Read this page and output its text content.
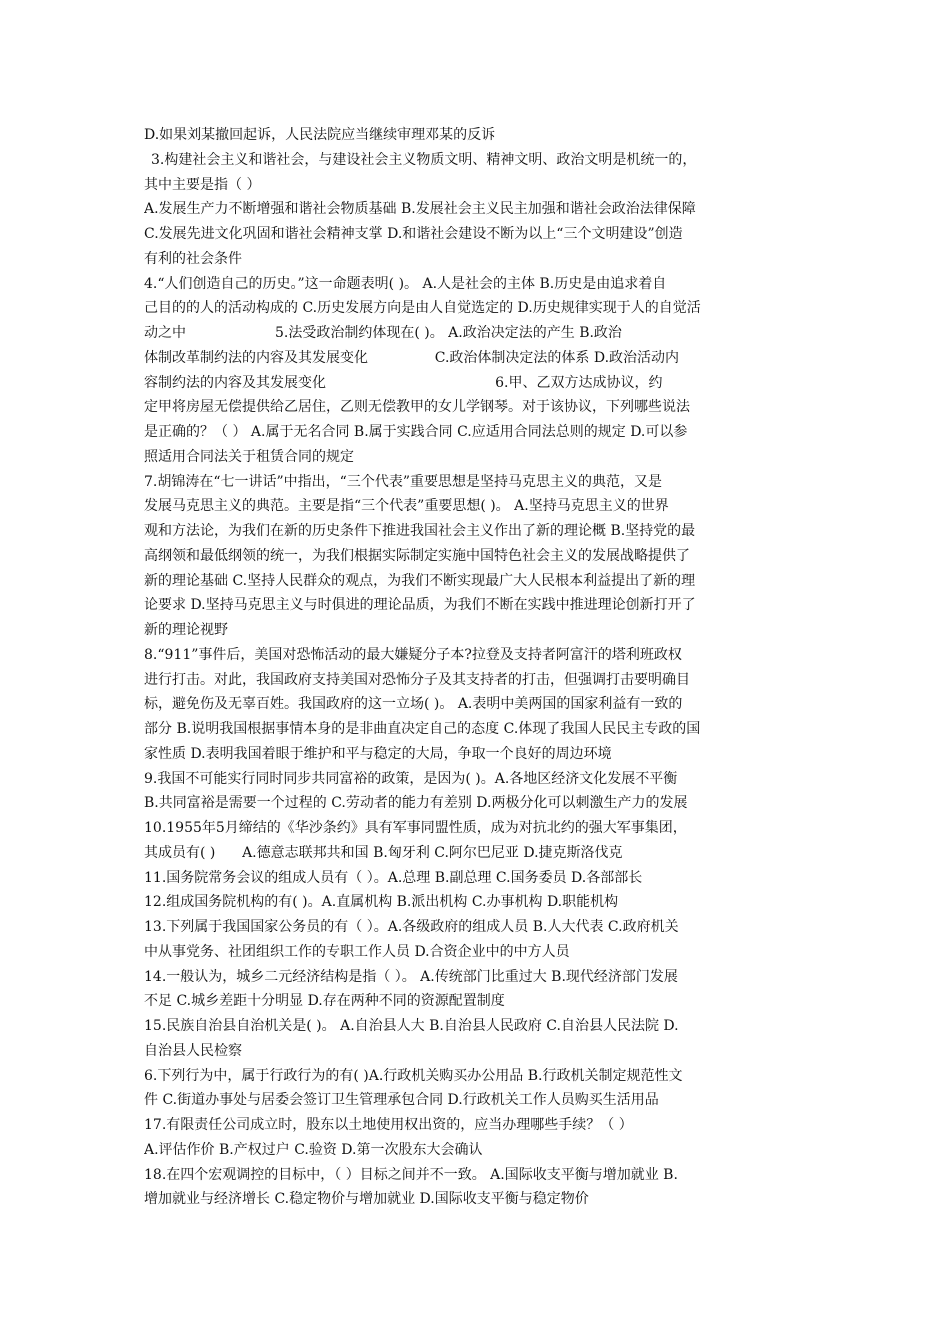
D.如果刘某撤回起诉，人民法院应当继续审理邓某的反诉
3.构建社会主义和谐社会，与建设社会主义物质文明、精神文明、政治文明是机统一的，
其中主要是指（ ）
A.发展生产力不断增强和谐社会物质基础 B.发展社会主义民主加强和谐社会政治法律保障
C.发展先进文化巩固和谐社会精神支掌 D.和谐社会建设不断为以上“三个文明建设”创造
有利的社会条件
4.“人们创造自己的历史。”这一命题表明( )。 A.人是社会的主体 B.历史是由追求着自
己目的的人的活动构成的 C.历史发展方向是由人自觉选定的 D.历史规律实现于人的自觉活
动之中                    5.法受政治制约体现在( )。 A.政治决定法的产生 B.政治
体制改革制约法的内容及其发展变化               C.政治体制决定法的体系 D.政治活动内
容制约法的内容及其发展变化                                      6.甲、乙双方达成协议，约
定甲将房屋无偿提供给乙居住，乙则无偿教甲的女儿学钢琴。对于该协议，下列哪些说法
是正确的？（ ） A.属于无名合同 B.属于实践合同 C.应适用合同法总则的规定 D.可以参
照适用合同法关于租赁合同的规定
7.胡锦涛在“七一讲话”中指出，“三个代表”重要思想是坚持马克思主义的典范，又是
发展马克思主义的典范。主要是指“三个代表”重要思想( )。 A.坚持马克思主义的世界
观和方法论，为我们在新的历史条件下推进我国社会主义作出了新的理论概 B.坚持党的最
高纲领和最低纲领的统一，为我们根据实际制定实施中国特色社会主义的发展战略提供了
新的理论基础 C.坚持人民群众的观点，为我们不断实现最广大人民根本利益提出了新的理
论要求 D.坚持马克思主义与时俱进的理论品质，为我们不断在实践中推进理论创新打开了
新的理论视野
8.“911”事件后，美国对恐怖活动的最大嫌疑分子本?拉登及支持者阿富汗的塔利班政权
进行打击。对此，我国政府支持美国对恐怖分子及其支持者的打击，但强调打击要明确目
标，避免伤及无辜百姓。我国政府的这一立场( )。 A.表明中美两国的国家利益有一致的
部分 B.说明我国根据事情本身的是非曲直决定自己的态度 C.体现了我国人民民主专政的国
家性质 D.表明我国着眼于维护和平与稳定的大局，争取一个良好的周边环境
9.我国不可能实行同时同步共同富裕的政策，是因为( )。A.各地区经济文化发展不平衡
B.共同富裕是需要一个过程的 C.劳动者的能力有差别 D.两极分化可以刺激生产力的发展
10.1955年5月缔结的《华沙条约》具有军事同盟性质，成为对抗北约的强大军事集团，
其成员有( )      A.德意志联邦共和国 B.匈牙利 C.阿尔巴尼亚 D.捷克斯洛伐克
11.国务院常务会议的组成人员有（ ）。A.总理 B.副总理 C.国务委员 D.各部部长
12.组成国务院机构的有( )。A.直属机构 B.派出机构 C.办事机构 D.职能机构
13.下列属于我国国家公务员的有（ ）。A.各级政府的组成人员 B.人大代表 C.政府机关
中从事党务、社团组织工作的专职工作人员 D.合资企业中的中方人员
14.一般认为，城乡二元经济结构是指（ ）。 A.传统部门比重过大 B.现代经济部门发展
不足 C.城乡差距十分明显 D.存在两种不同的资源配置制度
15.民族自治县自治机关是( )。 A.自治县人大 B.自治县人民政府 C.自治县人民法院 D.
自治县人民检察
6.下列行为中，属于行政行为的有( )A.行政机关购买办公用品 B.行政机关制定规范性文
件 C.街道办事处与居委会签订卫生管理承包合同 D.行政机关工作人员购买生活用品
17.有限责任公司成立时，股东以土地使用权出资的，应当办理哪些手续？（ ）
A.评估作价 B.产权过户 C.验资 D.第一次股东大会确认
18.在四个宏观调控的目标中，（ ）目标之间并不一致。 A.国际收支平衡与增加就业 B.
增加就业与经济增长 C.稳定物价与增加就业 D.国际收支平衡与稳定物价
